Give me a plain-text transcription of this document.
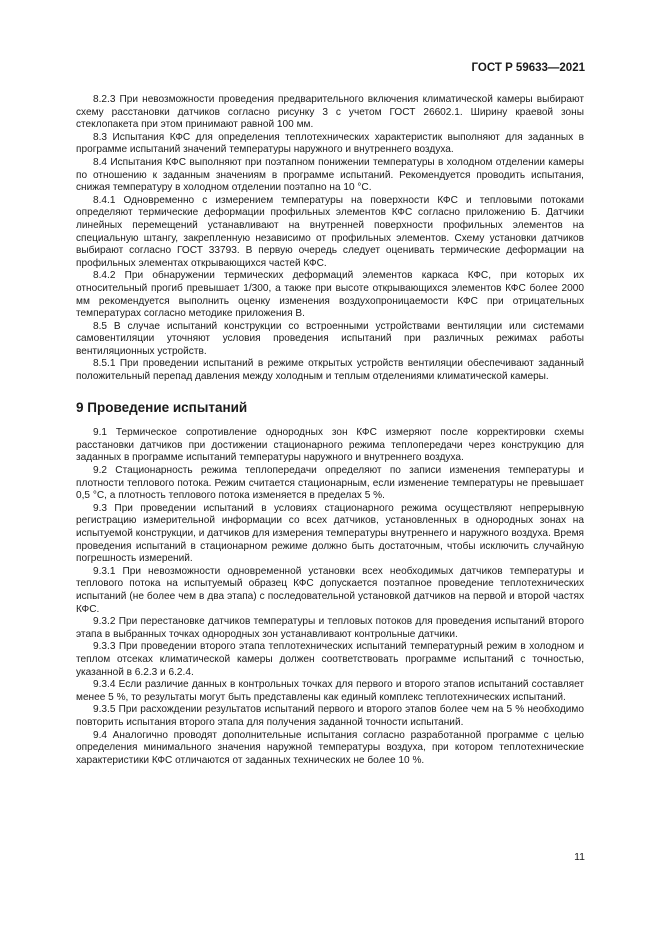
ГОСТ Р 59633—2021

8.2.3 При невозможности проведения предварительного включения климатической камеры выбирают схему расстановки датчиков согласно рисунку 3 с учетом ГОСТ 26602.1. Ширину краевой зоны стеклопакета при этом принимают равной 100 мм.

8.3 Испытания КФС для определения теплотехнических характеристик выполняют для заданных в программе испытаний значений температуры наружного и внутреннего воздуха.

8.4 Испытания КФС выполняют при поэтапном понижении температуры в холодном отделении камеры по отношению к заданным значениям в программе испытаний. Рекомендуется проводить испытания, снижая температуру в холодном отделении поэтапно на 10 °С.

8.4.1 Одновременно с измерением температуры на поверхности КФС и тепловыми потоками определяют термические деформации профильных элементов КФС согласно приложению Б. Датчики линейных перемещений устанавливают на внутренней поверхности профильных элементов на специальную штангу, закрепленную независимо от профильных элементов. Схему установки датчиков выбирают согласно ГОСТ 33793. В первую очередь следует оценивать термические деформации на профильных элементах открывающихся частей КФС.

8.4.2 При обнаружении термических деформаций элементов каркаса КФС, при которых их относительный прогиб превышает 1/300, а также при высоте открывающихся элементов КФС более 2000 мм рекомендуется выполнить оценку изменения воздухопроницаемости КФС при отрицательных температурах согласно методике приложения В.

8.5 В случае испытаний конструкции со встроенными устройствами вентиляции или системами самовентиляции уточняют условия проведения испытаний при различных режимах работы вентиляционных устройств.

8.5.1 При проведении испытаний в режиме открытых устройств вентиляции обеспечивают заданный положительный перепад давления между холодным и теплым отделениями климатической камеры.

9 Проведение испытаний

9.1 Термическое сопротивление однородных зон КФС измеряют после корректировки схемы расстановки датчиков при достижении стационарного режима теплопередачи через конструкцию для заданных в программе испытаний температуры наружного и внутреннего воздуха.

9.2 Стационарность режима теплопередачи определяют по записи изменения температуры и плотности теплового потока. Режим считается стационарным, если изменение температуры не превышает 0,5 °С, а плотность теплового потока изменяется в пределах 5 %.

9.3 При проведении испытаний в условиях стационарного режима осуществляют непрерывную регистрацию измерительной информации со всех датчиков, установленных в однородных зонах на испытуемой конструкции, и датчиков для измерения температуры внутреннего и наружного воздуха. Время проведения испытаний в стационарном режиме должно быть достаточным, чтобы исключить случайную погрешность измерений.

9.3.1 При невозможности одновременной установки всех необходимых датчиков температуры и теплового потока на испытуемый образец КФС допускается поэтапное проведение теплотехнических испытаний (не более чем в два этапа) с последовательной установкой датчиков на первой и второй частях КФС.

9.3.2 При перестановке датчиков температуры и тепловых потоков для проведения испытаний второго этапа в выбранных точках однородных зон устанавливают контрольные датчики.

9.3.3 При проведении второго этапа теплотехнических испытаний температурный режим в холодном и теплом отсеках климатической камеры должен соответствовать программе испытаний с точностью, указанной в 6.2.3 и 6.2.4.

9.3.4 Если различие данных в контрольных точках для первого и второго этапов испытаний составляет менее 5 %, то результаты могут быть представлены как единый комплекс теплотехнических испытаний.

9.3.5 При расхождении результатов испытаний первого и второго этапов более чем на 5 % необходимо повторить испытания второго этапа для получения заданной точности испытаний.

9.4 Аналогично проводят дополнительные испытания согласно разработанной программе с целью определения минимального значения наружной температуры воздуха, при котором теплотехнические характеристики КФС отличаются от заданных технических не более 10 %.

11
